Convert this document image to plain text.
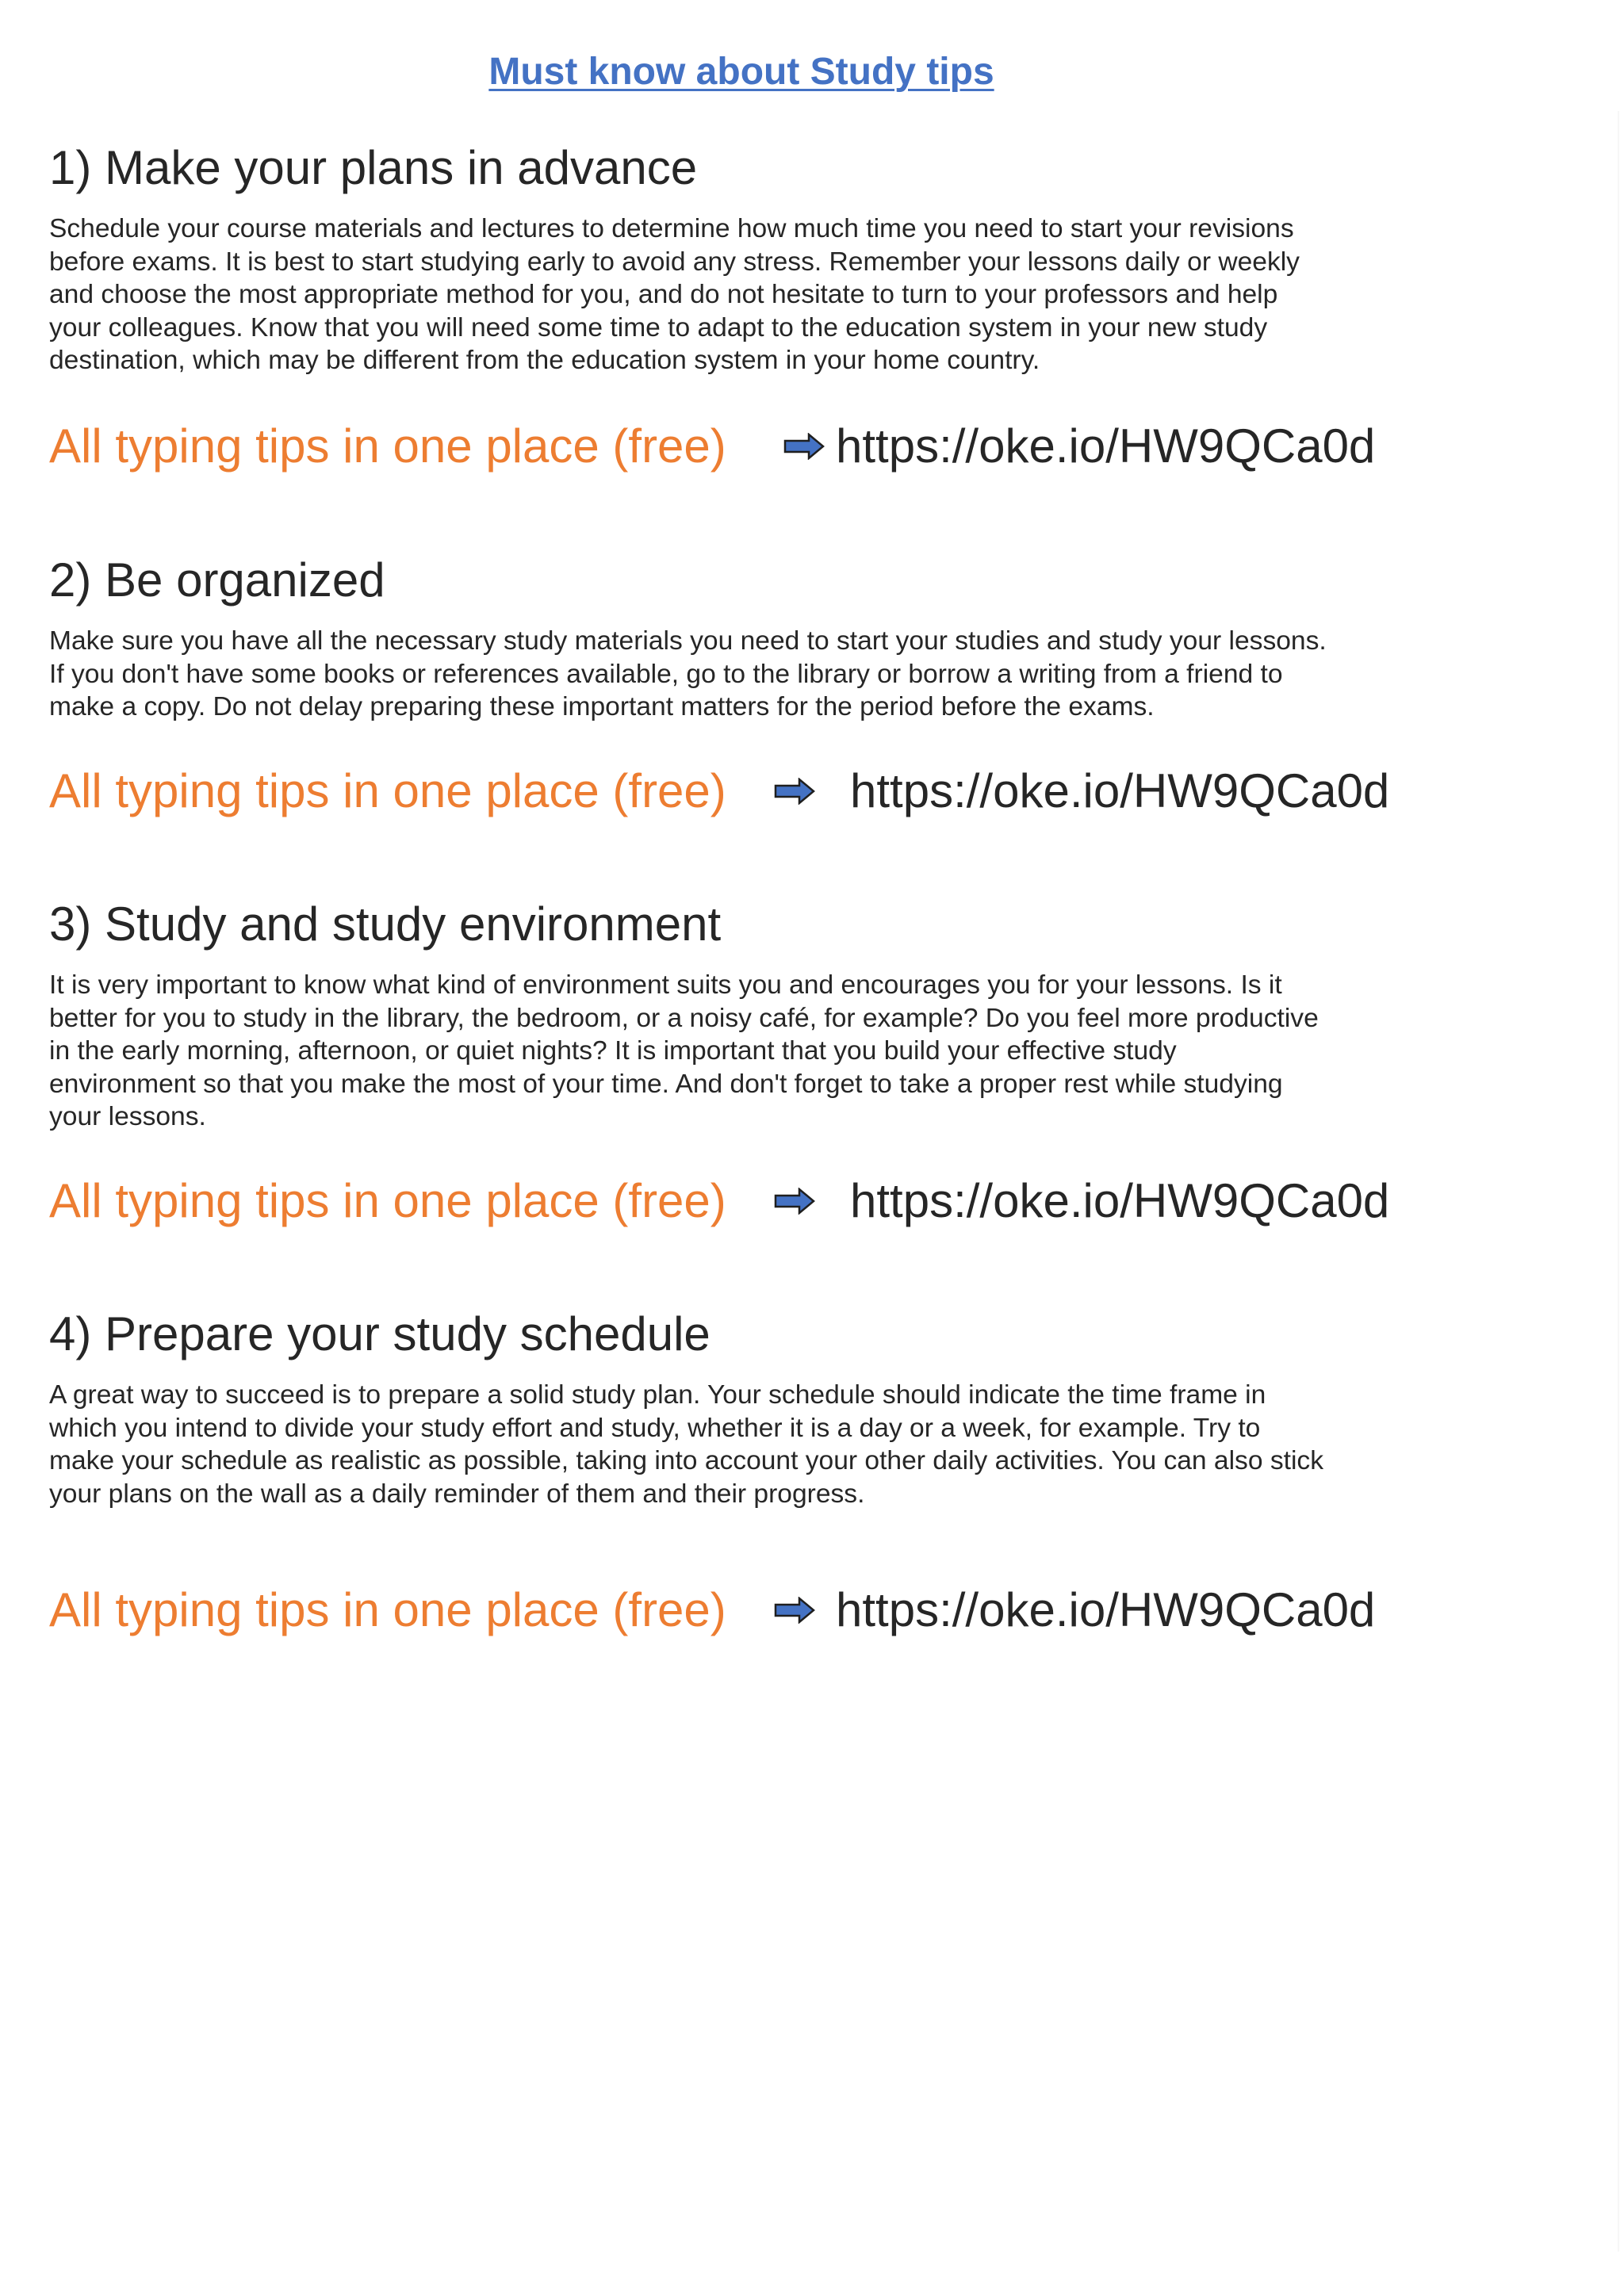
Must know about Study tips
1) Make your plans in advance

Schedule your course materials and lectures to determine how much time you need to start your revisions
before exams. It is best to start studying early to avoid any stress. Remember your lessons daily or weekly
and choose the most appropriate method for you, and do not hesitate to turn to your professors and help
your colleagues. Know that you will need some time to adapt to the education system in your new study
destination, which may be different from the education system in your home country.

All typing tips in one place (free) https://oke.io/HW9QCa0d
2) Be organized

Make sure you have all the necessary study materials you need to start your studies and study your lessons.
If you don't have some books or references available, go to the library or borrow a writing from a friend to
make a copy. Do not delay preparing these important matters for the period before the exams.

All typing tips in one place (free)	https://oke.io/HW9QCa0d
3) Study and study environment

It is very important to know what kind of environment suits you and encourages you for your lessons. Is it
better for you to study in the library, the bedroom, or a noisy café, for example? Do you feel more productive
in the early morning, afternoon, or quiet nights? It is important that you build your effective study
environment so that you make the most of your time. And don't forget to take a proper rest while studying
your lessons.

All typing tips in one place (free)	https://oke.io/HW9QCa0d
4) Prepare your study schedule

A great way to succeed is to prepare a solid study plan. Your schedule should indicate the time frame in
which you intend to divide your study effort and study, whether it is a day or a week, for example. Try to
make your schedule as realistic as possible, taking into account your other daily activities. You can also stick
your plans on the wall as a daily reminder of them and their progress.

All typing tips in one place (free) https://oke.io/HW9QCa0d
